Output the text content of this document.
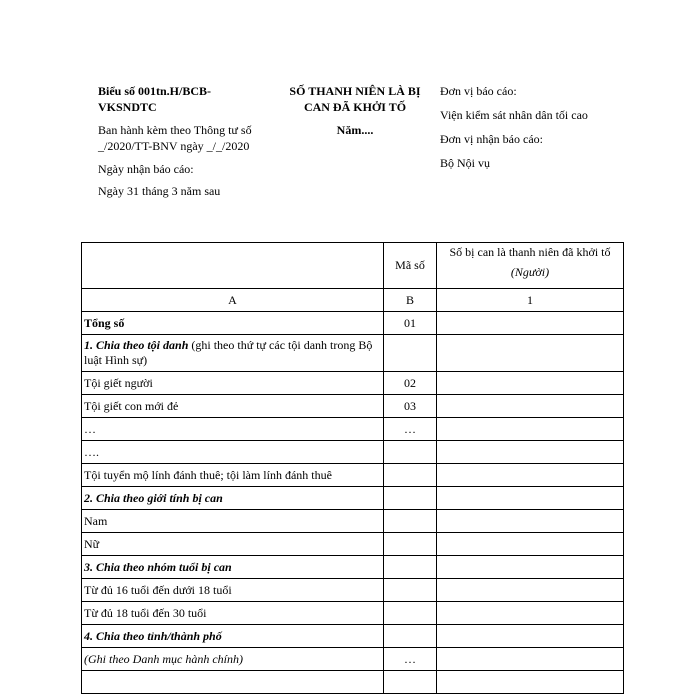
Biểu số 001tn.H/BCB-VKSNDTC
Ban hành kèm theo Thông tư số _/2020/TT-BNV ngày _/_/2020
Ngày nhận báo cáo:
Ngày 31 tháng 3 năm sau
SỐ THANH NIÊN LÀ BỊ CAN ĐÃ KHỞI TỐ
Năm....
Đơn vị báo cáo:
Viện kiểm sát nhân dân tối cao
Đơn vị nhận báo cáo:
Bộ Nội vụ
	Mã số	Số bị can là thanh niên đã khởi tố
(Người)

A	B	1
Tổng số	01	
1. Chia theo tội danh (ghi theo thứ tự các tội danh trong Bộ luật Hình sự)		
Tội giết người	02	
Tội giết con mới đẻ	03	
…	…	
….		
Tội tuyển mộ lính đánh thuê; tội làm lính đánh thuê		
2. Chia theo giới tính bị can		
Nam		
Nữ		
3. Chia theo nhóm tuổi bị can		
Từ đủ 16 tuổi đến dưới 18 tuổi		
Từ đủ 18 tuổi đến 30 tuổi		
4. Chia theo tỉnh/thành phố		
(Ghi theo Danh mục hành chính)	…	
